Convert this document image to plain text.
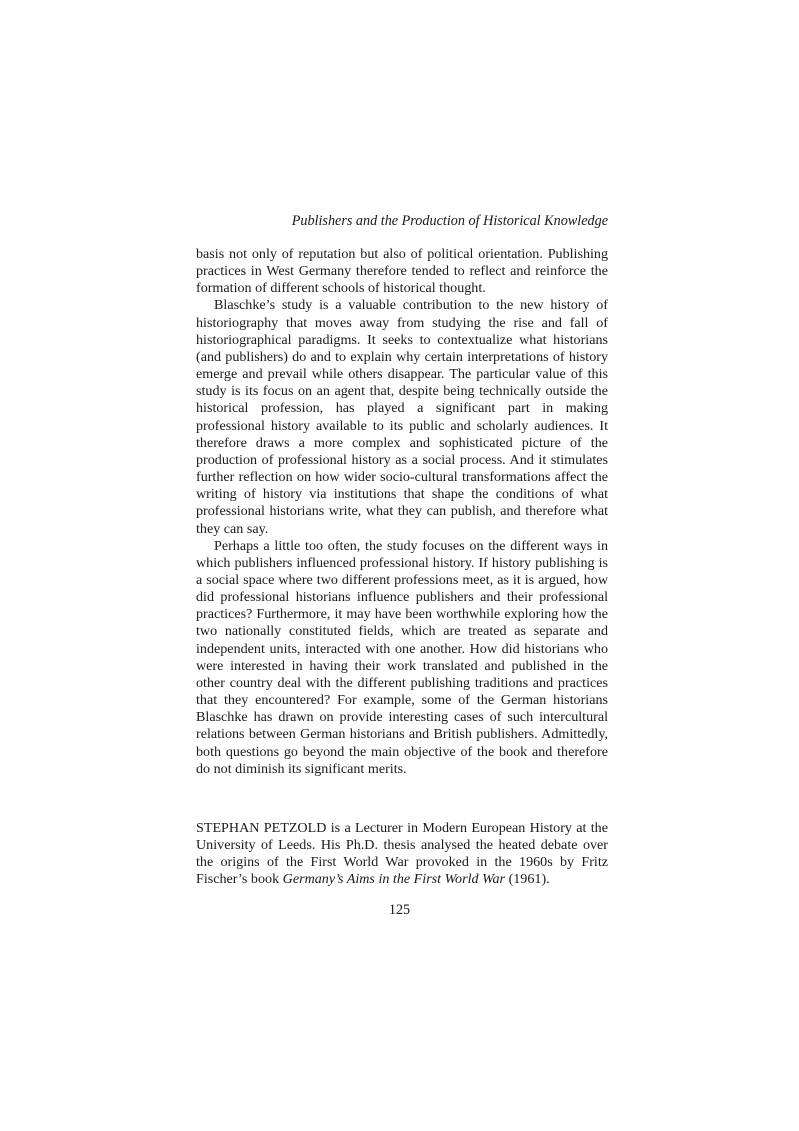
Publishers and the Production of Historical Knowledge

basis not only of reputation but also of political orientation. Publishing practices in West Germany therefore tended to reflect and reinforce the formation of different schools of historical thought.

Blaschke’s study is a valuable contribution to the new history of historiography that moves away from studying the rise and fall of historiographical paradigms. It seeks to contextualize what historians (and publishers) do and to explain why certain interpretations of history emerge and prevail while others disappear. The particular value of this study is its focus on an agent that, despite being technically outside the historical profession, has played a significant part in making professional history available to its public and scholarly audiences. It therefore draws a more complex and sophisticated picture of the production of professional history as a social process. And it stimulates further reflection on how wider socio-cultural transformations affect the writing of history via institutions that shape the conditions of what professional historians write, what they can publish, and therefore what they can say.

Perhaps a little too often, the study focuses on the different ways in which publishers influenced professional history. If history publishing is a social space where two different professions meet, as it is argued, how did professional historians influence publishers and their professional practices? Furthermore, it may have been worthwhile exploring how the two nationally constituted fields, which are treated as separate and independent units, interacted with one another. How did historians who were interested in having their work translated and published in the other country deal with the different publishing traditions and practices that they encountered? For example, some of the German historians Blaschke has drawn on provide interesting cases of such intercultural relations between German historians and British publishers. Admittedly, both questions go beyond the main objective of the book and therefore do not diminish its significant merits.

STEPHAN PETZOLD is a Lecturer in Modern European History at the University of Leeds. His Ph.D. thesis analysed the heated debate over the origins of the First World War provoked in the 1960s by Fritz Fischer’s book Germany’s Aims in the First World War (1961).

125
